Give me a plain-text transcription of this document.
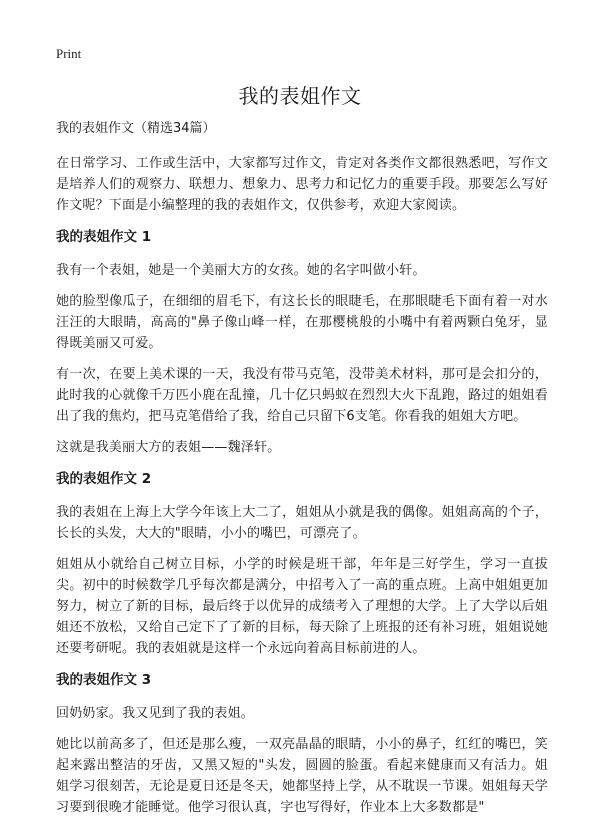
Print
我的表姐作文

我的表姐作文（精选34篇）

在日常学习、工作或生活中，大家都写过作文，肯定对各类作文都很熟悉吧，写作文是培养人们的观察力、联想力、想象力、思考力和记忆力的重要手段。那要怎么写好作文呢？下面是小编整理的我的表姐作文，仅供参考，欢迎大家阅读。

我的表姐作文 1

我有一个表姐，她是一个美丽大方的女孩。她的名字叫做小轩。

她的脸型像瓜子，在细细的眉毛下，有这长长的眼睫毛，在那眼睫毛下面有着一对水汪汪的大眼睛，高高的"鼻子像山峰一样，在那樱桃般的小嘴中有着两颗白兔牙，显得既美丽又可爱。

有一次，在要上美术课的一天，我没有带马克笔，没带美术材料，那可是会扣分的，此时我的心就像千万匹小鹿在乱撞，几十亿只蚂蚁在烈烈大火下乱跑，路过的姐姐看出了我的焦灼，把马克笔借给了我，给自己只留下6支笔。你看我的姐姐大方吧。

这就是我美丽大方的表姐——魏泽轩。

我的表姐作文 2

我的表姐在上海上大学今年该上大二了，姐姐从小就是我的偶像。姐姐高高的个子，长长的头发，大大的"眼睛，小小的嘴巴，可漂亮了。

姐姐从小就给自己树立目标，小学的时候是班干部，年年是三好学生，学习一直拔尖。初中的时候数学几乎每次都是满分，中招考入了一高的重点班。上高中姐姐更加努力，树立了新的目标，最后终于以优异的成绩考入了理想的大学。上了大学以后姐姐还不放松，又给自己定下了了新的目标，每天除了上班报的还有补习班，姐姐说她还要考研呢。我的表姐就是这样一个永远向着高目标前进的人。

我的表姐作文 3

回奶奶家。我又见到了我的表姐。

她比以前高多了，但还是那么瘦，一双亮晶晶的眼睛，小小的鼻子，红红的嘴巴，笑起来露出整洁的牙齿，又黑又短的"头发，圆圆的脸蛋。看起来健康而又有活力。姐姐学习很刻苦，无论是夏日还是冬天，她都坚持上学，从不耽误一节课。姐姐每天学习要到很晚才能睡觉。他学习很认真，字也写得好，作业本上大多数都是"
